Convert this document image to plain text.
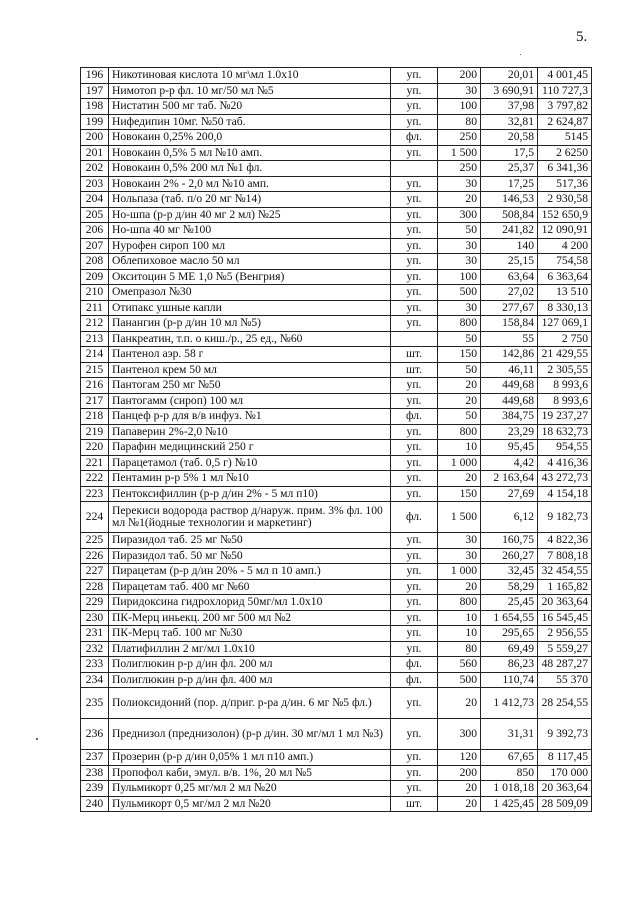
5.
196	Никотиновая кислота 10 мг\мл 1.0х10	уп.	200	20,01	4 001,45
197	Нимотоп р-р фл. 10 мг/50 мл №5	уп.	30	3 690,91	110 727,3
198	Нистатин 500 мг таб. №20	уп.	100	37,98	3 797,82
199	Нифедипин 10мг. №50 таб.	уп.	80	32,81	2 624,87
200	Новокаин 0,25% 200,0	фл.	250	20,58	5145
201	Новокаин 0,5% 5 мл №10 амп.	уп.	1 500	17,5	2 6250
202	Новокаин 0,5% 200 мл №1 фл.		250	25,37	6 341,36
203	Новокаин 2% - 2,0 мл №10 амп.	уп.	30	17,25	517,36
204	Нольпаза (таб. п/о 20 мг №14)	уп.	20	146,53	2 930,58
205	Но-шпа (р-р д/ин 40 мг 2 мл) №25	уп.	300	508,84	152 650,9
206	Но-шпа 40 мг №100	уп.	50	241,82	12 090,91
207	Нурофен сироп 100 мл	уп.	30	140	4 200
208	Облепиховое масло 50 мл	уп.	30	25,15	754,58
209	Окситоцин 5 МЕ 1,0 №5 (Венгрия)	уп.	100	63,64	6 363,64
210	Омепразол №30	уп.	500	27,02	13 510
211	Отипакс ушные капли	уп.	30	277,67	8 330,13
212	Панангин (р-р д/ин 10 мл №5)	уп.	800	158,84	127 069,1
213	Панкреатин, т.п. о киш./р., 25 ед., №60		50	55	2 750
214	Пантенол аэр. 58 г	шт.	150	142,86	21 429,55
215	Пантенол крем 50 мл	шт.	50	46,11	2 305,55
216	Пантогам 250 мг №50	уп.	20	449,68	8 993,6
217	Пантогамм (сироп) 100 мл	уп.	20	449,68	8 993,6
218	Панцеф р-р для в/в инфуз. №1	фл.	50	384,75	19 237,27
219	Папаверин 2%-2,0 №10	уп.	800	23,29	18 632,73
220	Парафин медицинский 250 г	уп.	10	95,45	954,55
221	Парацетамол (таб. 0,5 г) №10	уп.	1 000	4,42	4 416,36
222	Пентамин р-р 5% 1 мл №10	уп.	20	2 163,64	43 272,73
223	Пентоксифиллин (р-р д/ин 2% - 5 мл п10)	уп.	150	27,69	4 154,18
224	Перекиси водорода раствор д/наруж. прим. 3% фл. 100 мл №1(йодные технологии и маркетинг)	фл.	1 500	6,12	9 182,73
225	Пиразидол таб. 25 мг №50	уп.	30	160,75	4 822,36
226	Пиразидол таб. 50 мг №50	уп.	30	260,27	7 808,18
227	Пирацетам (р-р д/ин 20% - 5 мл п 10 амп.)	уп.	1 000	32,45	32 454,55
228	Пирацетам таб. 400 мг №60	уп.	20	58,29	1 165,82
229	Пиридоксина гидрохлорид 50мг/мл 1.0х10	уп.	800	25,45	20 363,64
230	ПК-Мерц иньекц. 200 мг 500 мл №2	уп.	10	1 654,55	16 545,45
231	ПК-Мерц таб. 100 мг №30	уп.	10	295,65	2 956,55
232	Платифиллин 2 мг/мл 1.0х10	уп.	80	69,49	5 559,27
233	Полиглюкин р-р д/ин фл. 200 мл	фл.	560	86,23	48 287,27
234	Полиглюкин р-р д/ин фл. 400 мл	фл.	500	110,74	55 370
235	Полиоксидоний (пор. д/приг. р-ра д/ин. 6 мг №5 фл.)	уп.	20	1 412,73	28 254,55
236	Преднизол (преднизолон) (р-р д/ин. 30 мг/мл 1 мл №3)	уп.	300	31,31	9 392,73
237	Прозерин (р-р д/ин 0,05% 1 мл п10 амп.)	уп.	120	67,65	8 117,45
238	Пропофол каби, эмул. в/в. 1%, 20 мл №5	уп.	200	850	170 000
239	Пульмикорт 0,25 мг/мл 2 мл №20	уп.	20	1 018,18	20 363,64
240	Пульмикорт 0,5 мг/мл 2 мл №20	шт.	20	1 425,45	28 509,09
